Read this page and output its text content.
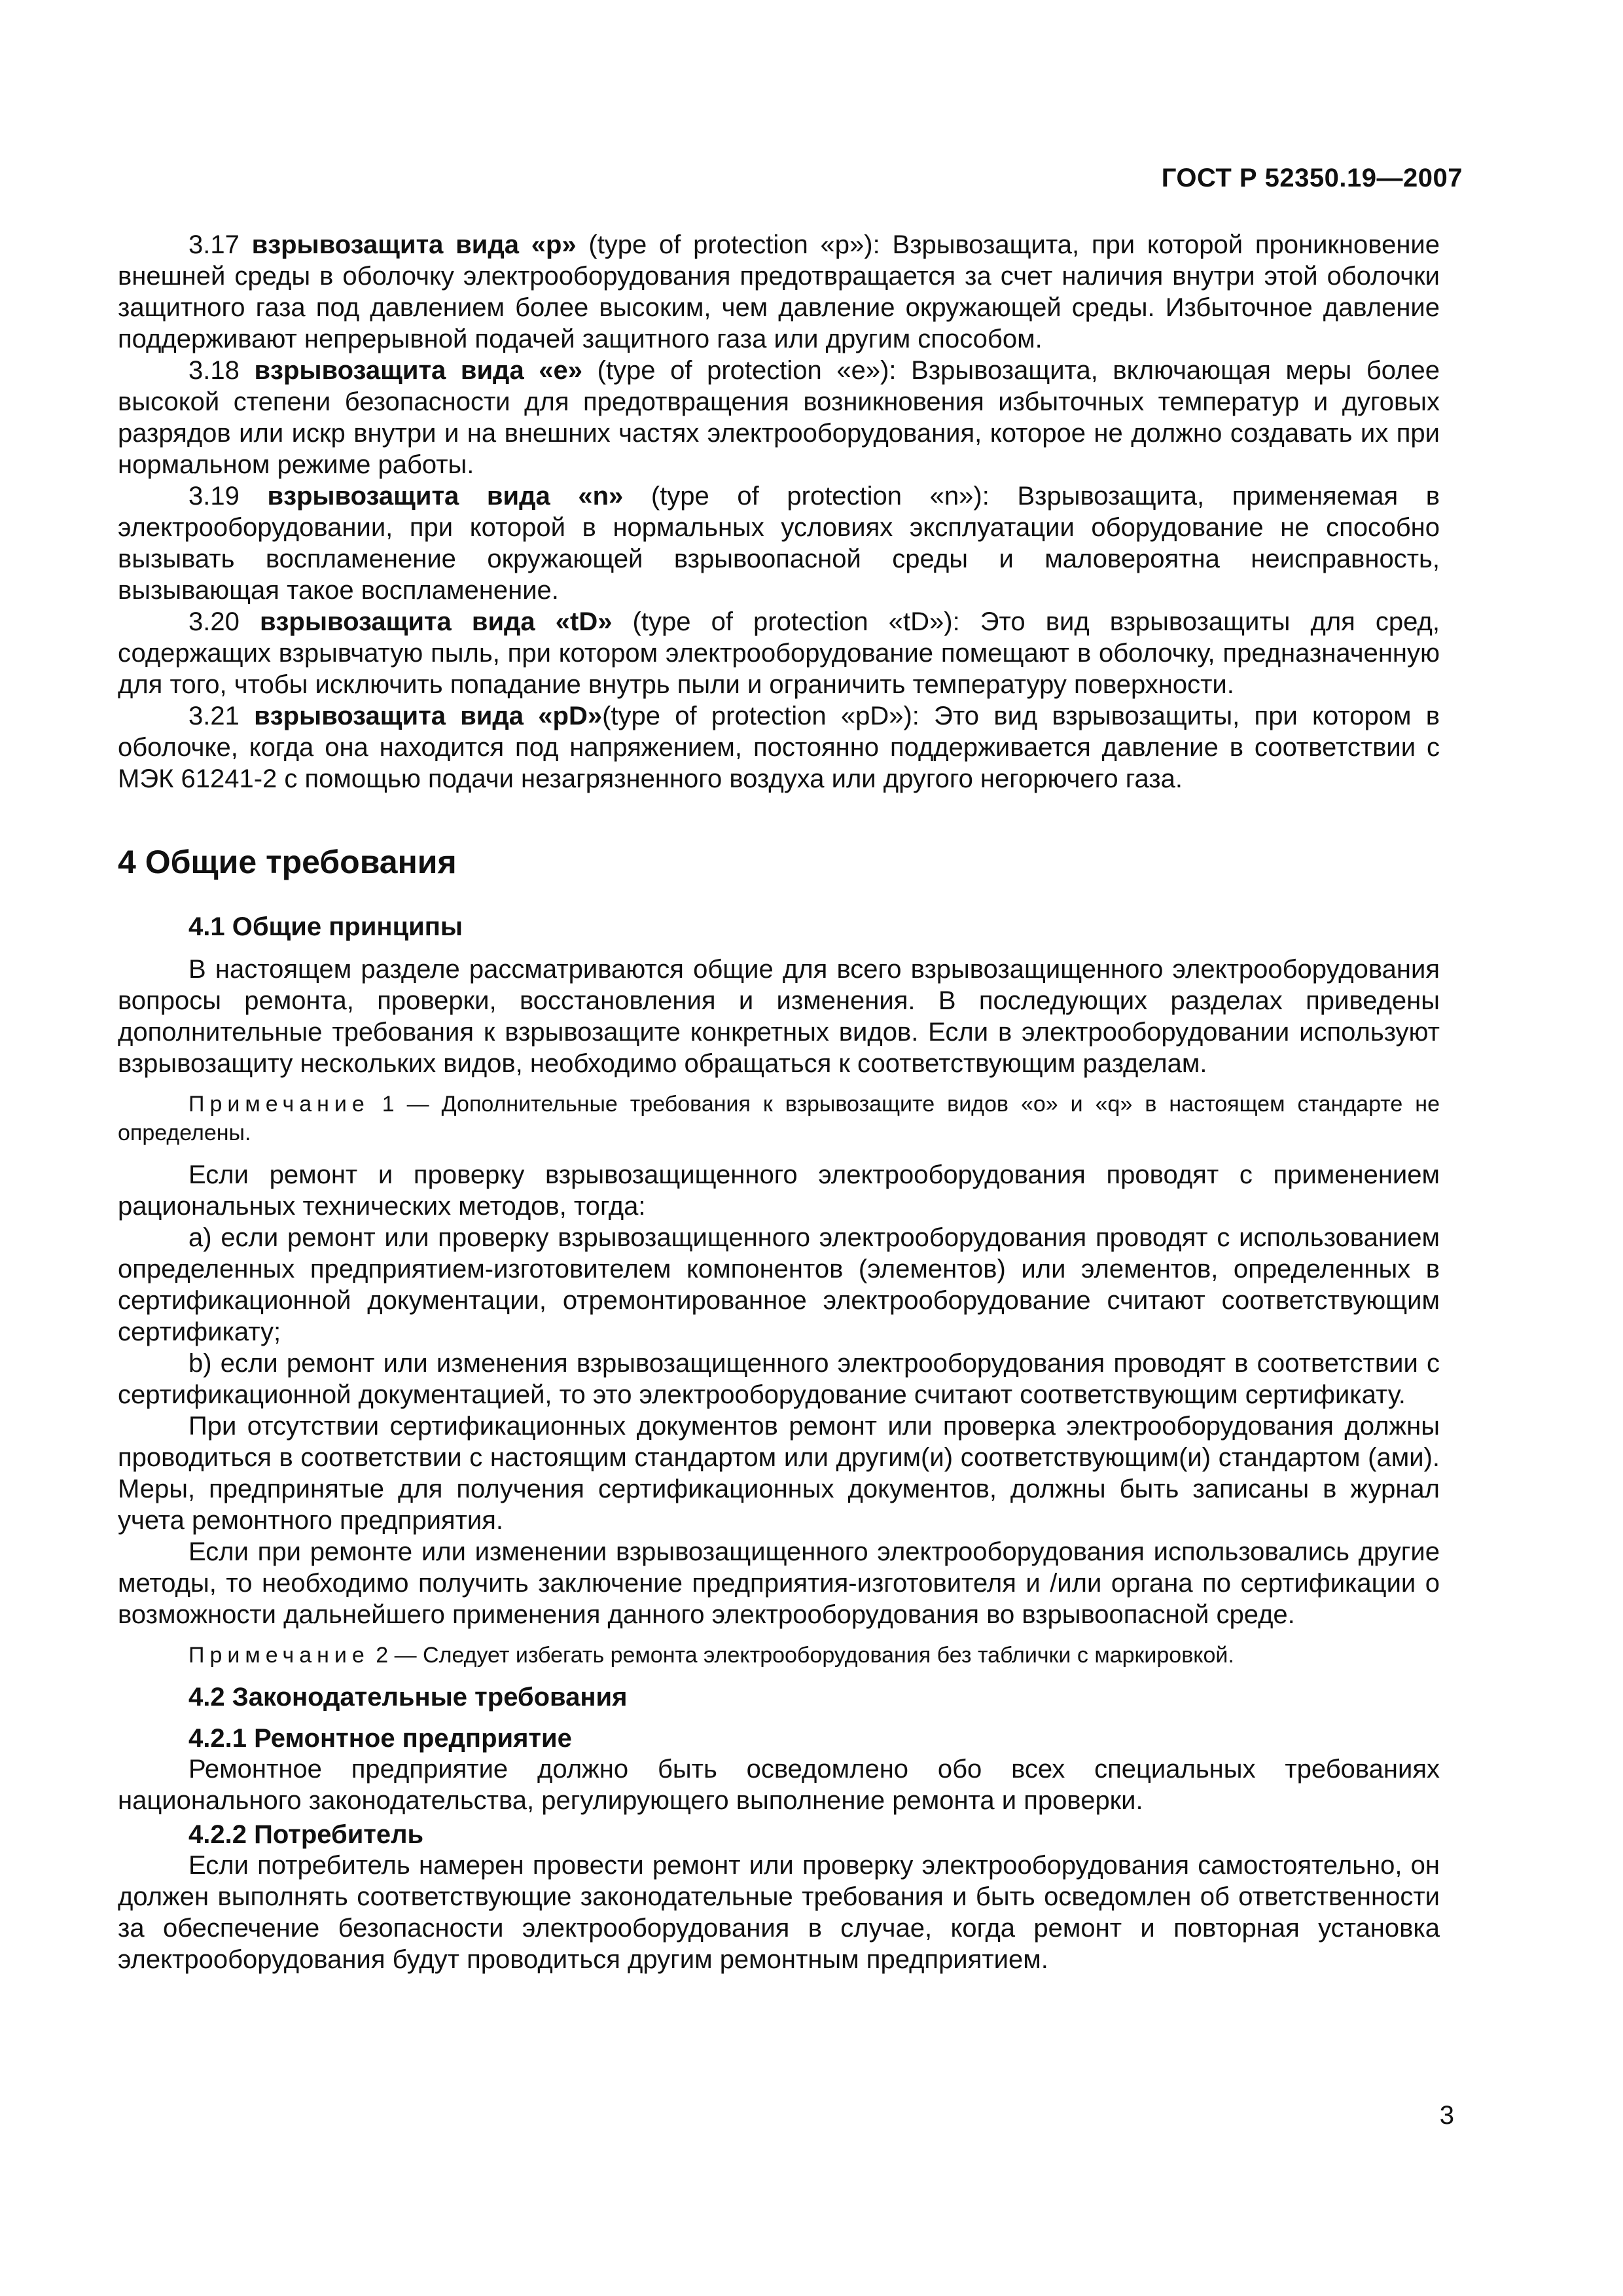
ГОСТ Р 52350.19—2007

3.17 взрывозащита вида «р» (type of protection «р»): Взрывозащита, при которой проникновение внешней среды в оболочку электрооборудования предотвращается за счет наличия внутри этой оболочки защитного газа под давлением более высоким, чем давление окружающей среды. Избыточное давление поддерживают непрерывной подачей защитного газа или другим способом.

3.18 взрывозащита вида «е» (type of protection «е»): Взрывозащита, включающая меры более высокой степени безопасности для предотвращения возникновения избыточных температур и дуговых разрядов или искр внутри и на внешних частях электрооборудования, которое не должно создавать их при нормальном режиме работы.

3.19 взрывозащита вида «n» (type of protection «n»): Взрывозащита, применяемая в электрооборудовании, при которой в нормальных условиях эксплуатации оборудование не способно вызывать воспламенение окружающей взрывоопасной среды и маловероятна неисправность, вызывающая такое воспламенение.

3.20 взрывозащита вида «tD» (type of protection «tD»): Это вид взрывозащиты для сред, содержащих взрывчатую пыль, при котором электрооборудование помещают в оболочку, предназначенную для того, чтобы исключить попадание внутрь пыли и ограничить температуру поверхности.

3.21 взрывозащита вида «pD»(type of protection «pD»): Это вид взрывозащиты, при котором в оболочке, когда она находится под напряжением, постоянно поддерживается давление в соответствии с МЭК 61241-2 с помощью подачи незагрязненного воздуха или другого негорючего газа.

4 Общие требования
4.1 Общие принципы

В настоящем разделе рассматриваются общие для всего взрывозащищенного электрооборудования вопросы ремонта, проверки, восстановления и изменения. В последующих разделах приведены дополнительные требования к взрывозащите конкретных видов. Если в электрооборудовании используют взрывозащиту нескольких видов, необходимо обращаться к соответствующим разделам.

Примечание 1 — Дополнительные требования к взрывозащите видов «о» и «q» в настоящем стандарте не определены.

Если ремонт и проверку взрывозащищенного электрооборудования проводят с применением рациональных технических методов, тогда:

a) если ремонт или проверку взрывозащищенного электрооборудования проводят с использованием определенных предприятием-изготовителем компонентов (элементов) или элементов, определенных в сертификационной документации, отремонтированное электрооборудование считают соответствующим сертификату;

b) если ремонт или изменения взрывозащищенного электрооборудования проводят в соответствии с сертификационной документацией, то это электрооборудование считают соответствующим сертификату.

При отсутствии сертификационных документов ремонт или проверка электрооборудования должны проводиться в соответствии с настоящим стандартом или другим(и) соответствующим(и) стандартом (ами). Меры, предпринятые для получения сертификационных документов, должны быть записаны в журнал учета ремонтного предприятия.

Если при ремонте или изменении взрывозащищенного электрооборудования использовались другие методы, то необходимо получить заключение предприятия-изготовителя и /или органа по сертификации о возможности дальнейшего применения данного электрооборудования во взрывоопасной среде.

Примечание 2 — Следует избегать ремонта электрооборудования без таблички с маркировкой.

4.2 Законодательные требования
4.2.1 Ремонтное предприятие

Ремонтное предприятие должно быть осведомлено обо всех специальных требованиях национального законодательства, регулирующего выполнение ремонта и проверки.

4.2.2 Потребитель

Если потребитель намерен провести ремонт или проверку электрооборудования самостоятельно, он должен выполнять соответствующие законодательные требования и быть осведомлен об ответственности за обеспечение безопасности электрооборудования в случае, когда ремонт и повторная установка электрооборудования будут проводиться другим ремонтным предприятием.

3
